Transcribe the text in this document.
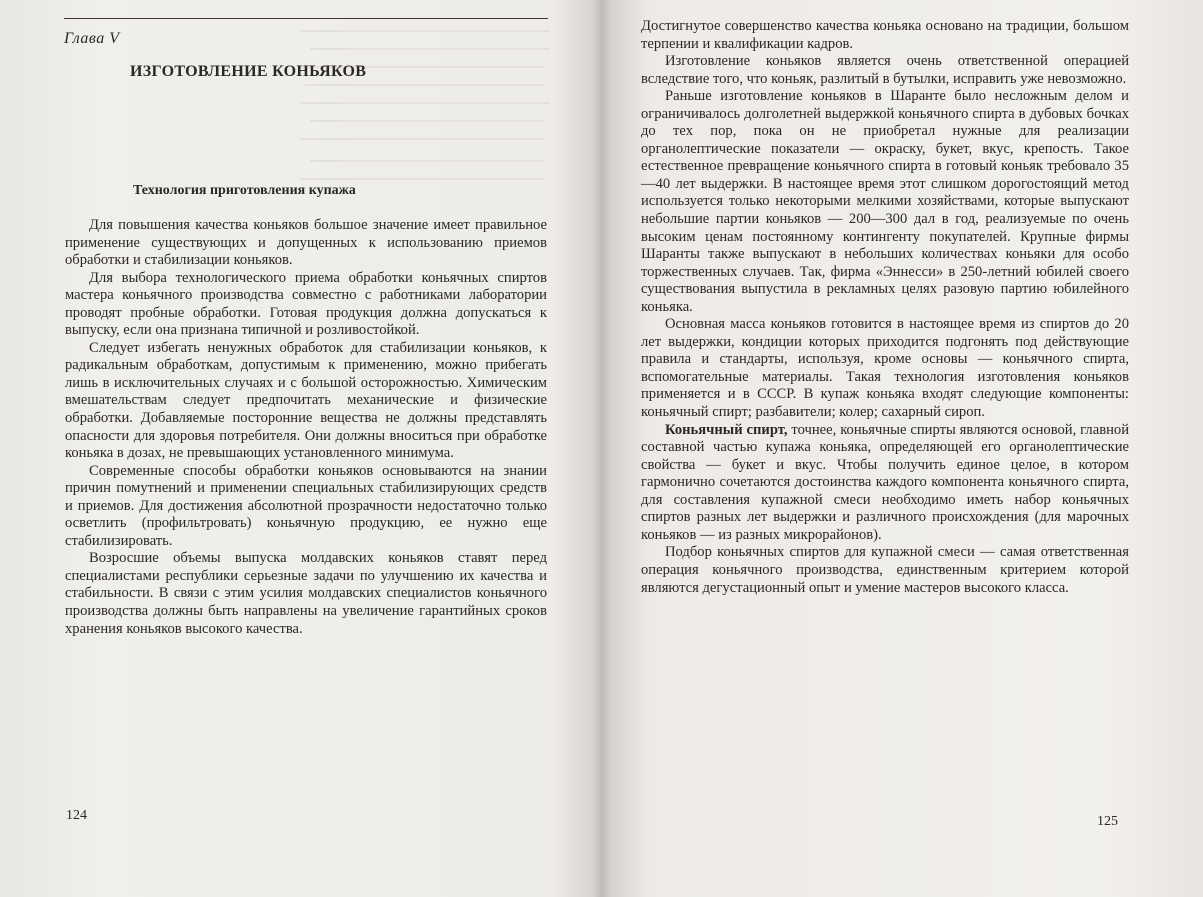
Глава V
ИЗГОТОВЛЕНИЕ КОНЬЯКОВ
Технология приготовления купажа

Для повышения качества коньяков большое значение имеет правильное применение существующих и допущенных к использованию приемов обработки и стабилизации коньяков.

Для выбора технологического приема обработки коньячных спиртов мастера коньячного производства совместно с работниками лаборатории проводят пробные обработки. Готовая продукция должна допускаться к выпуску, если она признана типичной и розливостойкой.

Следует избегать ненужных обработок для стабилизации коньяков, к радикальным обработкам, допустимым к применению, можно прибегать лишь в исключительных случаях и с большой осторожностью. Химическим вмешательствам следует предпочитать механические и физические обработки. Добавляемые посторонние вещества не должны представлять опасности для здоровья потребителя. Они должны вноситься при обработке коньяка в дозах, не превышающих установленного минимума.

Современные способы обработки коньяков основываются на знании причин помутнений и применении специальных стабилизирующих средств и приемов. Для достижения абсолютной прозрачности недостаточно только осветлить (профильтровать) коньячную продукцию, ее нужно еще стабилизировать.

Возросшие объемы выпуска молдавских коньяков ставят перед специалистами республики серьезные задачи по улучшению их качества и стабильности. В связи с этим усилия молдавских специалистов коньячного производства должны быть направлены на увеличение гарантийных сроков хранения коньяков высокого качества.

124

Достигнутое совершенство качества коньяка основано на традиции, большом терпении и квалификации кадров.

Изготовление коньяков является очень ответственной операцией вследствие того, что коньяк, разлитый в бутылки, исправить уже невозможно.

Раньше изготовление коньяков в Шаранте было несложным делом и ограничивалось долголетней выдержкой коньячного спирта в дубовых бочках до тех пор, пока он не приобретал нужные для реализации органолептические показатели — окраску, букет, вкус, крепость. Такое естественное превращение коньячного спирта в готовый коньяк требовало 35—40 лет выдержки. В настоящее время этот слишком дорогостоящий метод используется только некоторыми мелкими хозяйствами, которые выпускают небольшие партии коньяков — 200—300 дал в год, реализуемые по очень высоким ценам постоянному контингенту покупателей. Крупные фирмы Шаранты также выпускают в небольших количествах коньяки для особо торжественных случаев. Так, фирма «Эннесси» в 250-летний юбилей своего существования выпустила в рекламных целях разовую партию юбилейного коньяка.

Основная масса коньяков готовится в настоящее время из спиртов до 20 лет выдержки, кондиции которых приходится подгонять под действующие правила и стандарты, используя, кроме основы — коньячного спирта, вспомогательные материалы. Такая технология изготовления коньяков применяется и в СССР. В купаж коньяка входят следующие компоненты: коньячный спирт; разбавители; колер; сахарный сироп.

Коньячный спирт, точнее, коньячные спирты являются основой, главной составной частью купажа коньяка, определяющей его органолептические свойства — букет и вкус. Чтобы получить единое целое, в котором гармонично сочетаются достоинства каждого компонента коньячного спирта, для составления купажной смеси необходимо иметь набор коньячных спиртов разных лет выдержки и различного происхождения (для марочных коньяков — из разных микрорайонов).

Подбор коньячных спиртов для купажной смеси — самая ответственная операция коньячного производства, единственным критерием которой являются дегустационный опыт и умение мастеров высокого класса.

125
